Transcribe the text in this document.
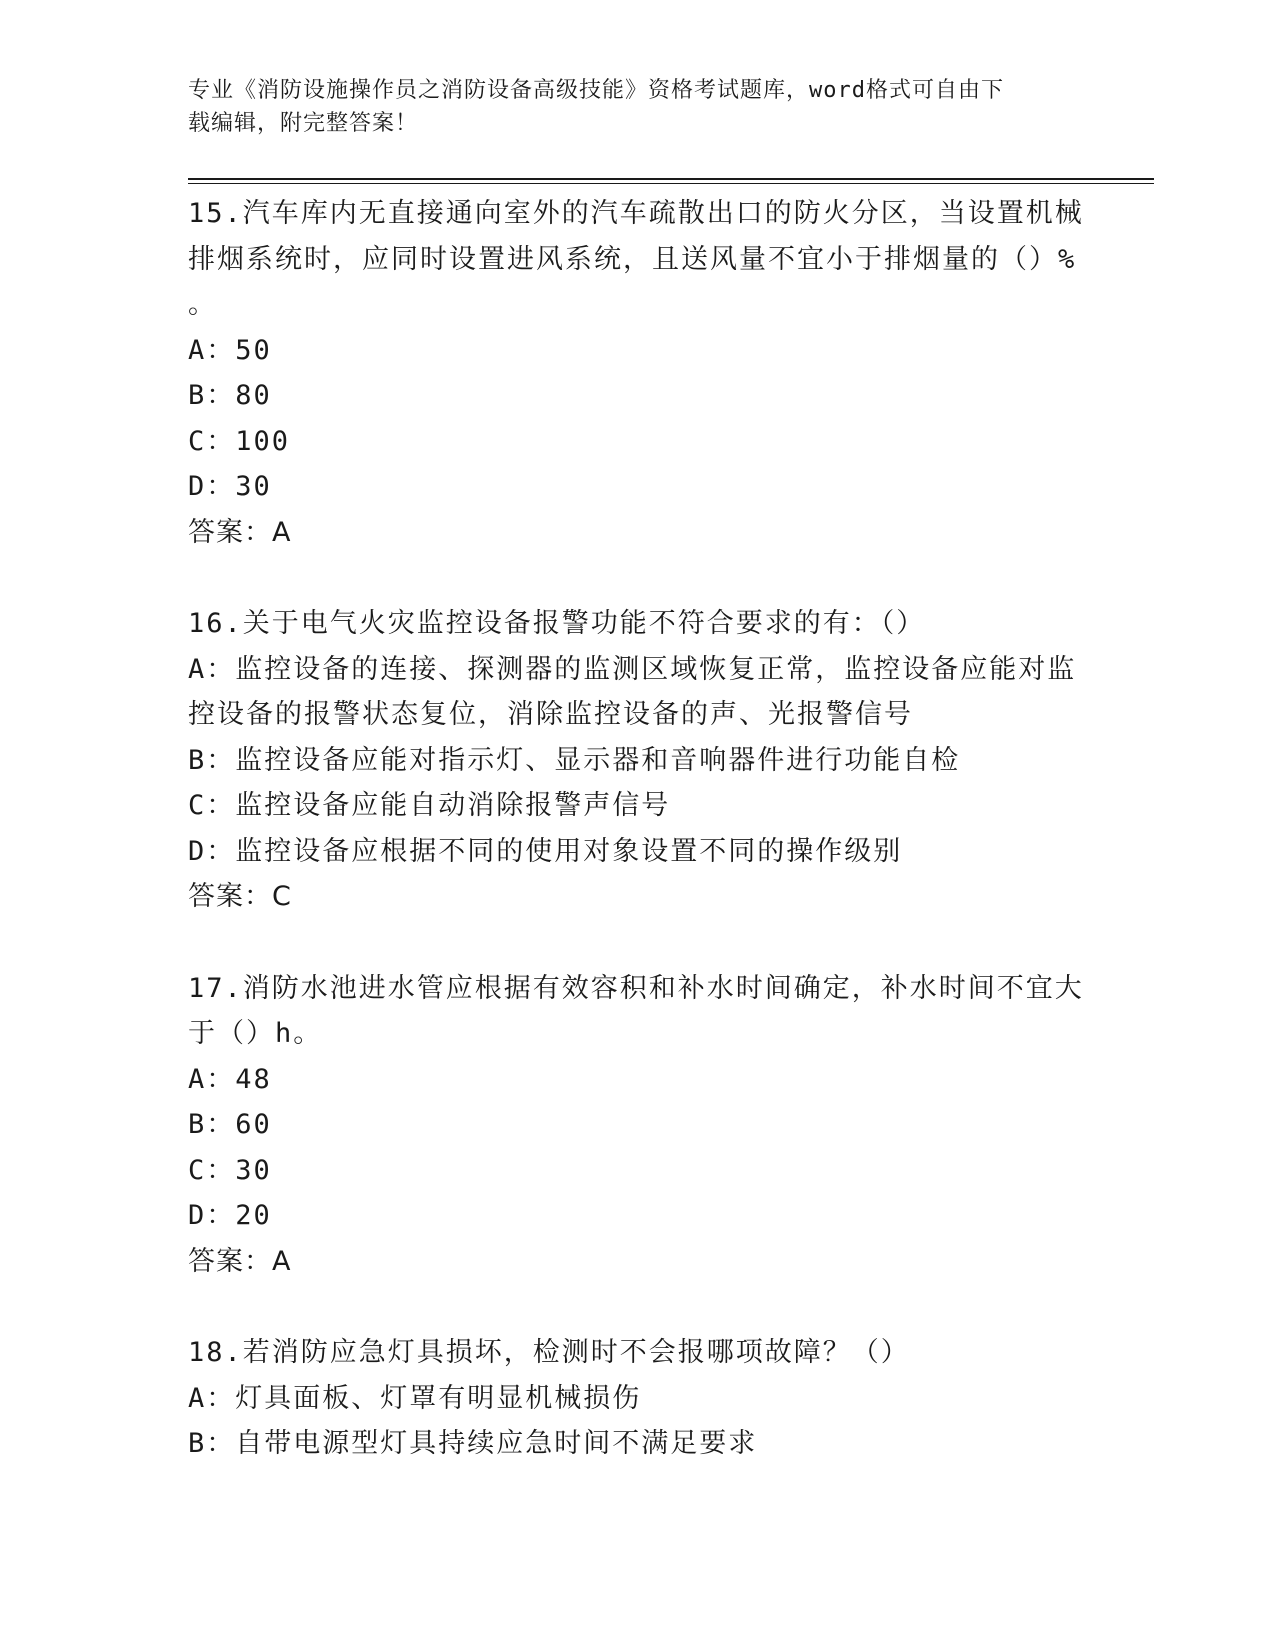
专业《消防设施操作员之消防设备高级技能》资格考试题库，word格式可自由下
载编辑，附完整答案！
15.汽车库内无直接通向室外的汽车疏散出口的防火分区，当设置机械
排烟系统时，应同时设置进风系统，且送风量不宜小于排烟量的（）%
。
A：50
B：80
C：100
D：30
答案：A
16.关于电气火灾监控设备报警功能不符合要求的有：（）
A：监控设备的连接、探测器的监测区域恢复正常，监控设备应能对监
控设备的报警状态复位，消除监控设备的声、光报警信号
B：监控设备应能对指示灯、显示器和音响器件进行功能自检
C：监控设备应能自动消除报警声信号
D：监控设备应根据不同的使用对象设置不同的操作级别
答案：C
17.消防水池进水管应根据有效容积和补水时间确定，补水时间不宜大
于（）h。
A：48
B：60
C：30
D：20
答案：A
18.若消防应急灯具损坏，检测时不会报哪项故障？（）
A：灯具面板、灯罩有明显机械损伤
B：自带电源型灯具持续应急时间不满足要求
